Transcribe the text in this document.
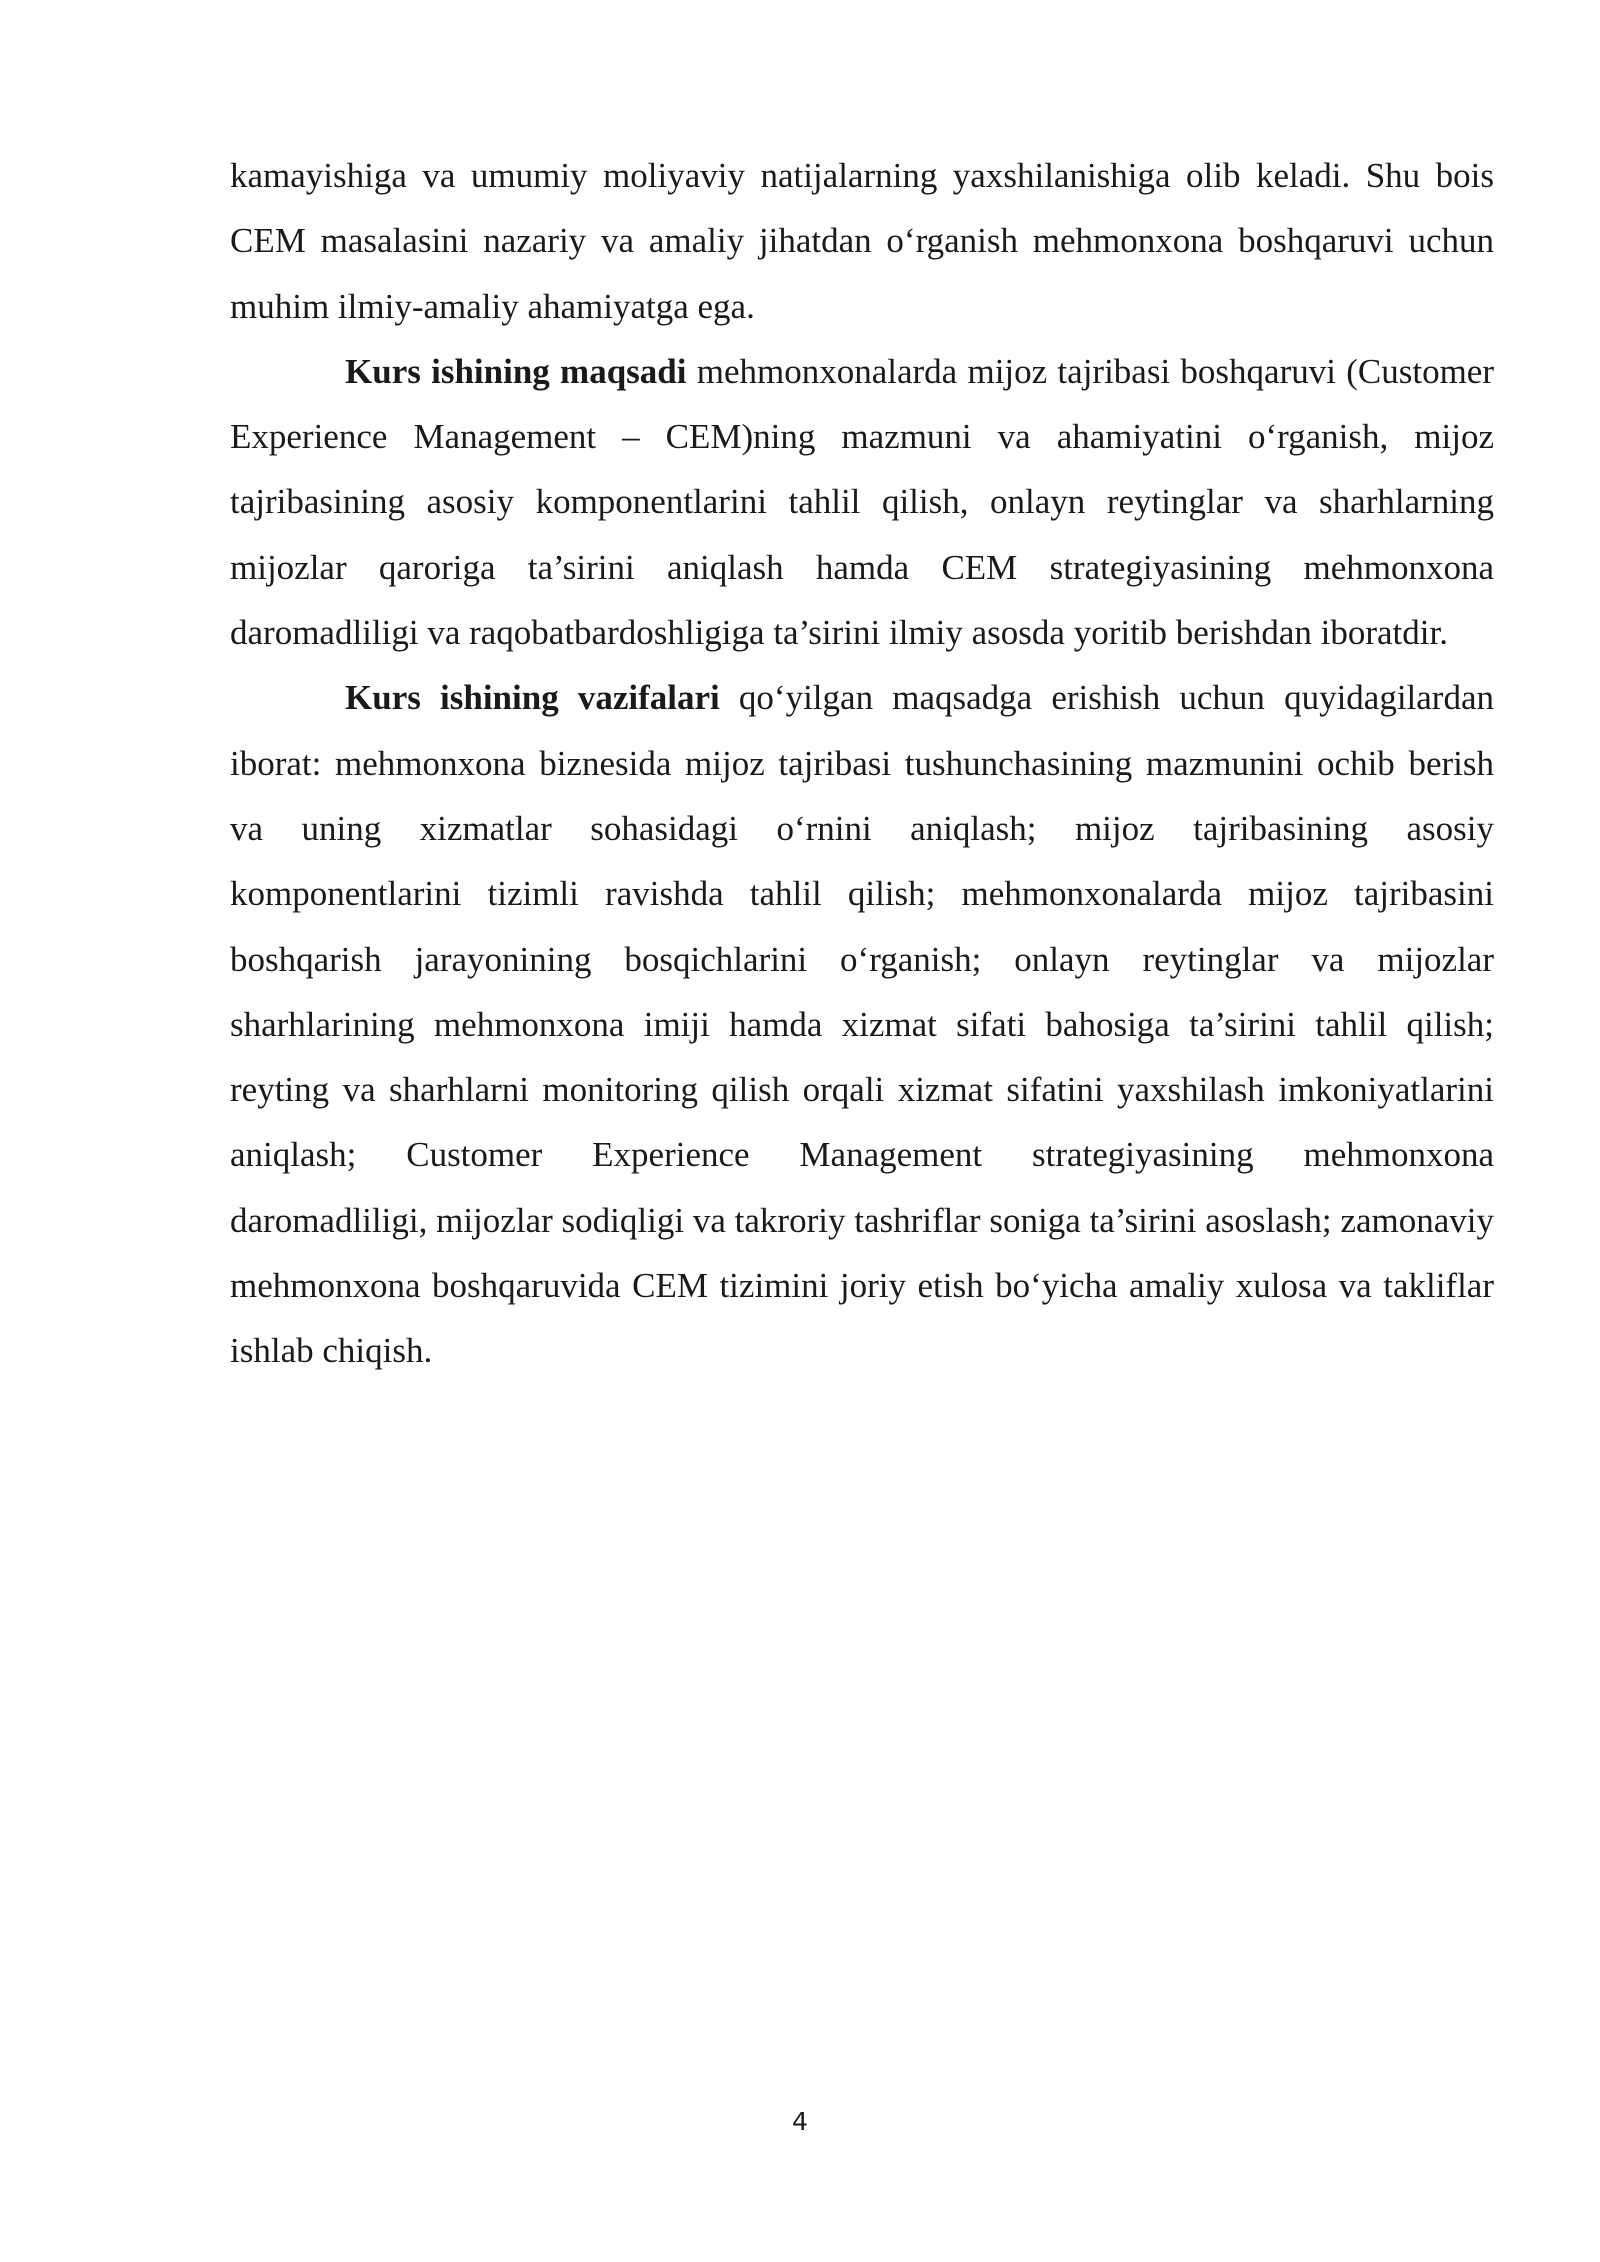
kamayishiga va umumiy moliyaviy natijalarning yaxshilanishiga olib keladi. Shu bois CEM masalasini nazariy va amaliy jihatdan o‘rganish mehmonxona boshqaruvi uchun muhim ilmiy-amaliy ahamiyatga ega.

Kurs ishining maqsadi mehmonxonalarda mijoz tajribasi boshqaruvi (Customer Experience Management – CEM)ning mazmuni va ahamiyatini o‘rganish, mijoz tajribasining asosiy komponentlarini tahlil qilish, onlayn reytinglar va sharhlarning mijozlar qaroriga ta’sirini aniqlash hamda CEM strategiyasining mehmonxona daromadliligi va raqobatbardoshligiga ta’sirini ilmiy asosda yoritib berishdan iboratdir.

Kurs ishining vazifalari qo‘yilgan maqsadga erishish uchun quyidagilardan iborat: mehmonxona biznesida mijoz tajribasi tushunchasining mazmunini ochib berish va uning xizmatlar sohasidagi o‘rnini aniqlash; mijoz tajribasining asosiy komponentlarini tizimli ravishda tahlil qilish; mehmonxonalarda mijoz tajribasini boshqarish jarayonining bosqichlarini o‘rganish; onlayn reytinglar va mijozlar sharhlarining mehmonxona imiji hamda xizmat sifati bahosiga ta’sirini tahlil qilish; reyting va sharhlarni monitoring qilish orqali xizmat sifatini yaxshilash imkoniyatlarini aniqlash; Customer Experience Management strategiyasining mehmonxona daromadliligi, mijozlar sodiqligi va takroriy tashriflar soniga ta’sirini asoslash; zamonaviy mehmonxona boshqaruvida CEM tizimini joriy etish bo‘yicha amaliy xulosa va takliflar ishlab chiqish.

4
